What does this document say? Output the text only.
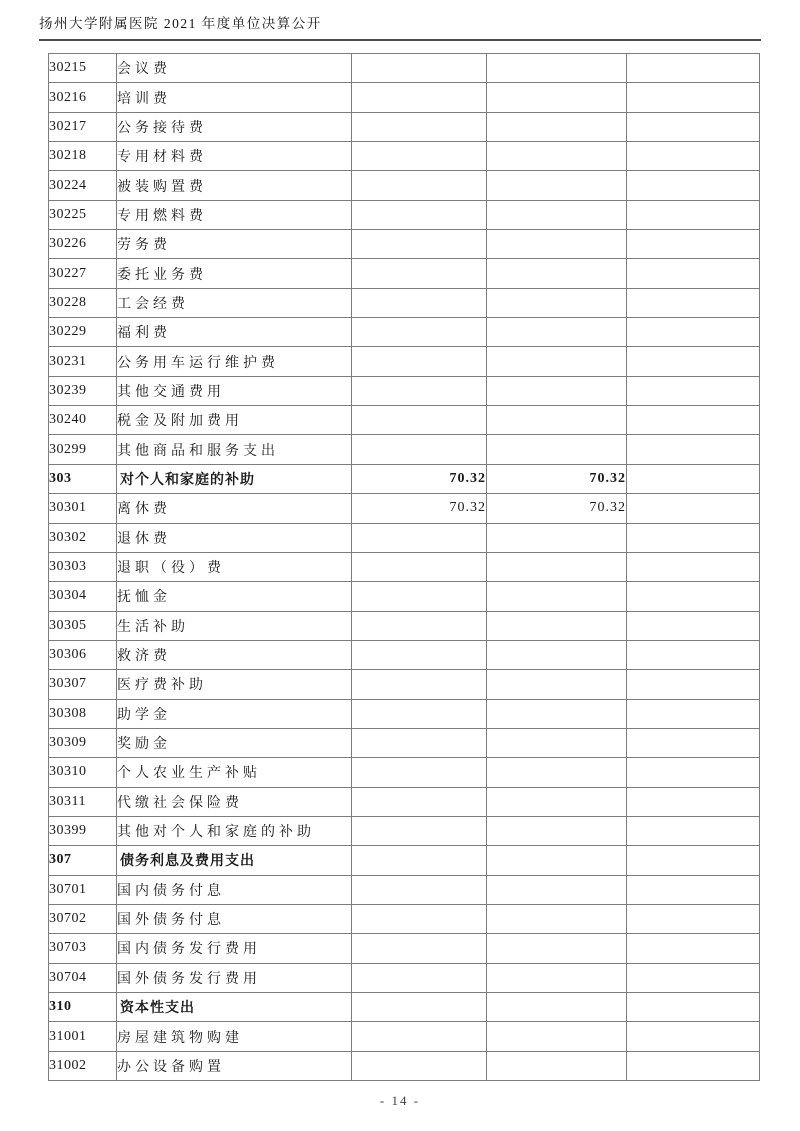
扬州大学附属医院 2021 年度单位决算公开
30215	会议费			
30216	培训费			
30217	公务接待费			
30218	专用材料费			
30224	被装购置费			
30225	专用燃料费			
30226	劳务费			
30227	委托业务费			
30228	工会经费			
30229	福利费			
30231	公务用车运行维护费			
30239	其他交通费用			
30240	税金及附加费用			
30299	其他商品和服务支出			
303	对个人和家庭的补助	70.32	70.32	
30301	离休费	70.32	70.32	
30302	退休费			
30303	退职（役）费			
30304	抚恤金			
30305	生活补助			
30306	救济费			
30307	医疗费补助			
30308	助学金			
30309	奖励金			
30310	个人农业生产补贴			
30311	代缴社会保险费			
30399	其他对个人和家庭的补助			
307	债务利息及费用支出			
30701	国内债务付息			
30702	国外债务付息			
30703	国内债务发行费用			
30704	国外债务发行费用			
310	资本性支出			
31001	房屋建筑物购建			
31002	办公设备购置			
- 14 -
